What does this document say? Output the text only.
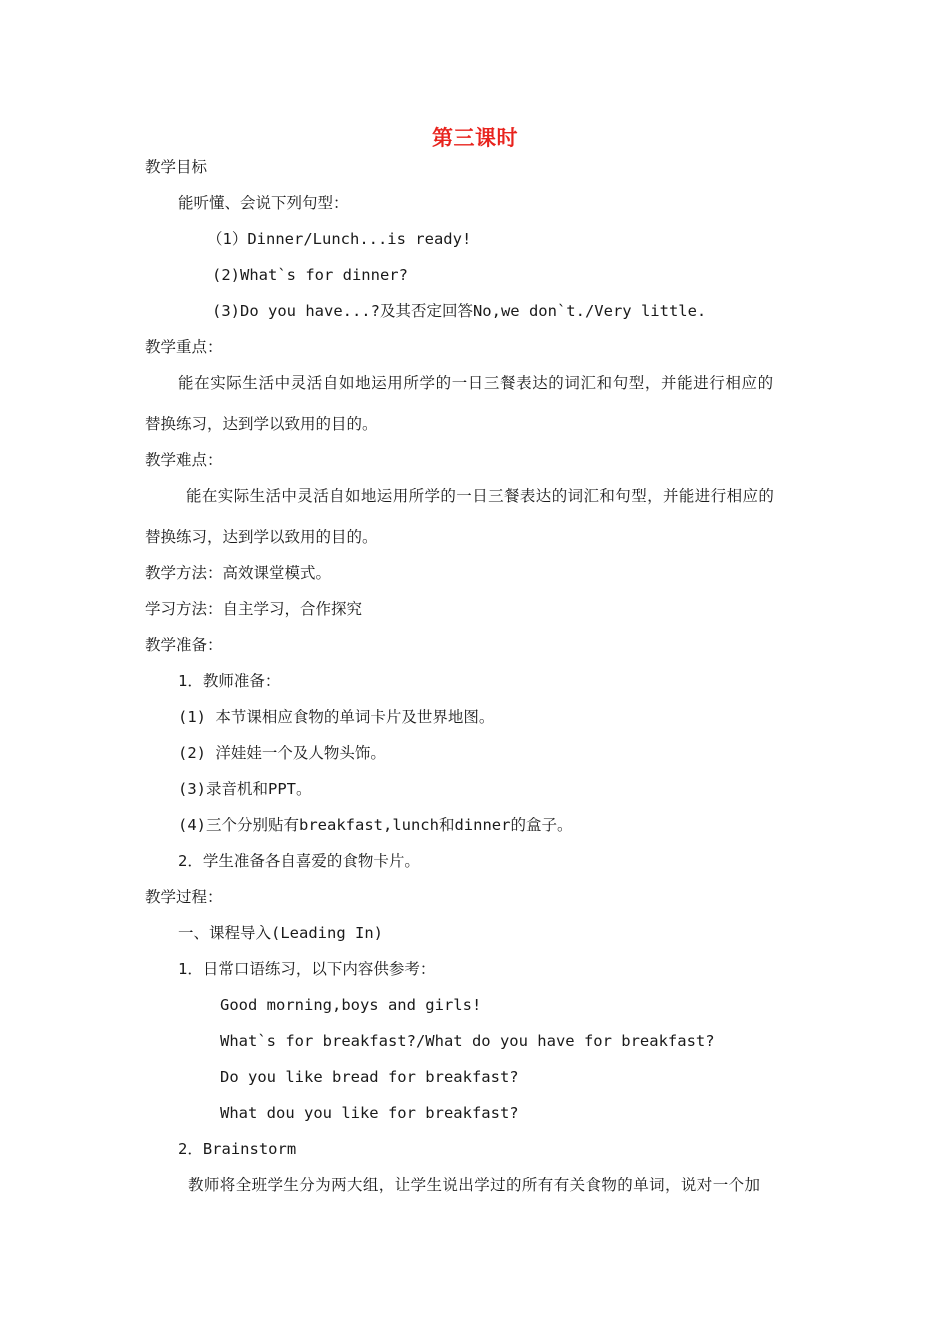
第三课时
教学目标
能听懂、会说下列句型：
（1）Dinner/Lunch...is ready!
(2)What`s for dinner?
(3)Do you have...?及其否定回答No,we don`t./Very little.
教学重点：
能在实际生活中灵活自如地运用所学的一日三餐表达的词汇和句型，并能进行相应的
替换练习，达到学以致用的目的。
教学难点：
能在实际生活中灵活自如地运用所学的一日三餐表达的词汇和句型，并能进行相应的
替换练习，达到学以致用的目的。
教学方法：高效课堂模式。
学习方法：自主学习，合作探究
教学准备：
1．教师准备：
(1) 本节课相应食物的单词卡片及世界地图。
(2) 洋娃娃一个及人物头饰。
(3)录音机和PPT。
(4)三个分别贴有breakfast,lunch和dinner的盒子。
2．学生准备各自喜爱的食物卡片。
教学过程：
一、课程导入(Leading In)
1．日常口语练习，以下内容供参考：
Good morning,boys and girls!
What`s for breakfast?/What do you have for breakfast?
Do you like bread for breakfast?
What dou you like for breakfast?
2．Brainstorm
教师将全班学生分为两大组，让学生说出学过的所有有关食物的单词，说对一个加
